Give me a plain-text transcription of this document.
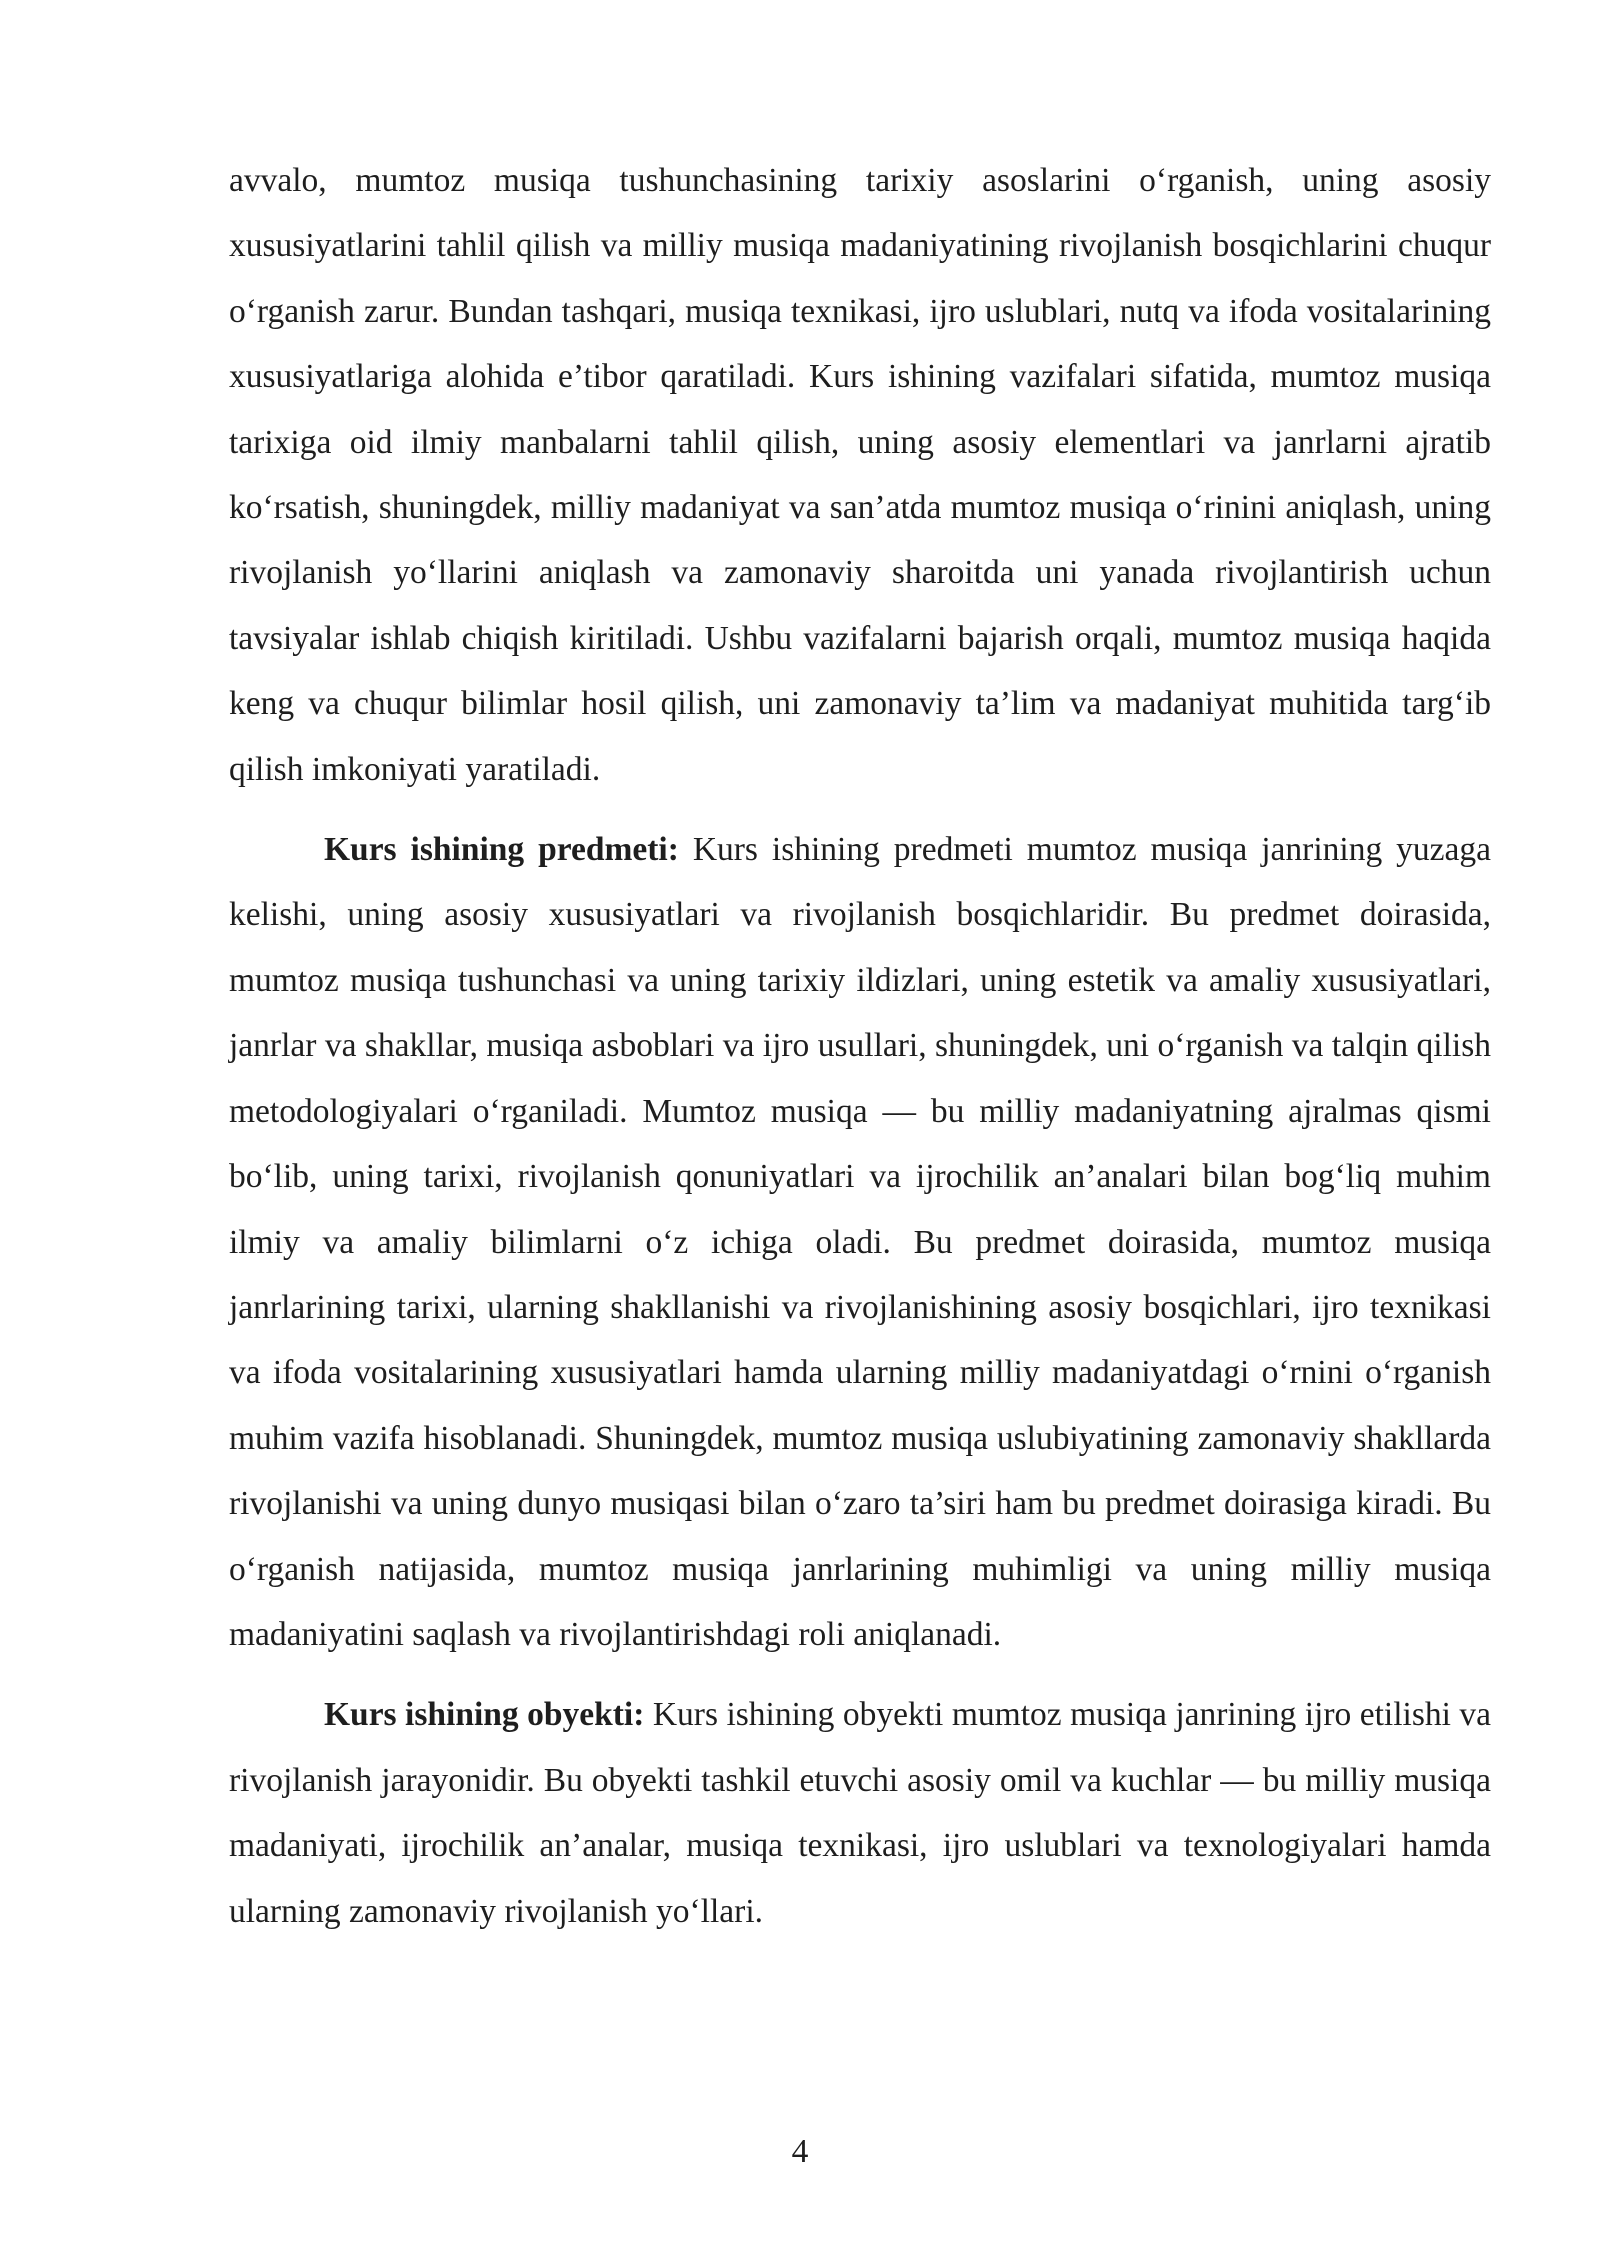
avvalo, mumtoz musiqa tushunchasining tarixiy asoslarini o‘rganish, uning asosiy xususiyatlarini tahlil qilish va milliy musiqa madaniyatining rivojlanish bosqichlarini chuqur o‘rganish zarur. Bundan tashqari, musiqa texnikasi, ijro uslublari, nutq va ifoda vositalarining xususiyatlariga alohida e’tibor qaratiladi. Kurs ishining vazifalari sifatida, mumtoz musiqa tarixiga oid ilmiy manbalarni tahlil qilish, uning asosiy elementlari va janrlarni ajratib ko‘rsatish, shuningdek, milliy madaniyat va san’atda mumtoz musiqa o‘rinini aniqlash, uning rivojlanish yo‘llarini aniqlash va zamonaviy sharoitda uni yanada rivojlantirish uchun tavsiyalar ishlab chiqish kiritiladi. Ushbu vazifalarni bajarish orqali, mumtoz musiqa haqida keng va chuqur bilimlar hosil qilish, uni zamonaviy ta’lim va madaniyat muhitida targ‘ib qilish imkoniyati yaratiladi.

Kurs ishining predmeti: Kurs ishining predmeti mumtoz musiqa janrining yuzaga kelishi, uning asosiy xususiyatlari va rivojlanish bosqichlaridir. Bu predmet doirasida, mumtoz musiqa tushunchasi va uning tarixiy ildizlari, uning estetik va amaliy xususiyatlari, janrlar va shakllar, musiqa asboblari va ijro usullari, shuningdek, uni o‘rganish va talqin qilish metodologiyalari o‘rganiladi. Mumtoz musiqa — bu milliy madaniyatning ajralmas qismi bo‘lib, uning tarixi, rivojlanish qonuniyatlari va ijrochilik an’analari bilan bog‘liq muhim ilmiy va amaliy bilimlarni o‘z ichiga oladi. Bu predmet doirasida, mumtoz musiqa janrlarining tarixi, ularning shakllanishi va rivojlanishining asosiy bosqichlari, ijro texnikasi va ifoda vositalarining xususiyatlari hamda ularning milliy madaniyatdagi o‘rnini o‘rganish muhim vazifa hisoblanadi. Shuningdek, mumtoz musiqa uslubiyatining zamonaviy shakllarda rivojlanishi va uning dunyo musiqasi bilan o‘zaro ta’siri ham bu predmet doirasiga kiradi. Bu o‘rganish natijasida, mumtoz musiqa janrlarining muhimligi va uning milliy musiqa madaniyatini saqlash va rivojlantirishdagi roli aniqlanadi.

Kurs ishining obyekti: Kurs ishining obyekti mumtoz musiqa janrining ijro etilishi va rivojlanish jarayonidir. Bu obyekti tashkil etuvchi asosiy omil va kuchlar — bu milliy musiqa madaniyati, ijrochilik an’analar, musiqa texnikasi, ijro uslublari va texnologiyalari hamda ularning zamonaviy rivojlanish yo‘llari.

4
